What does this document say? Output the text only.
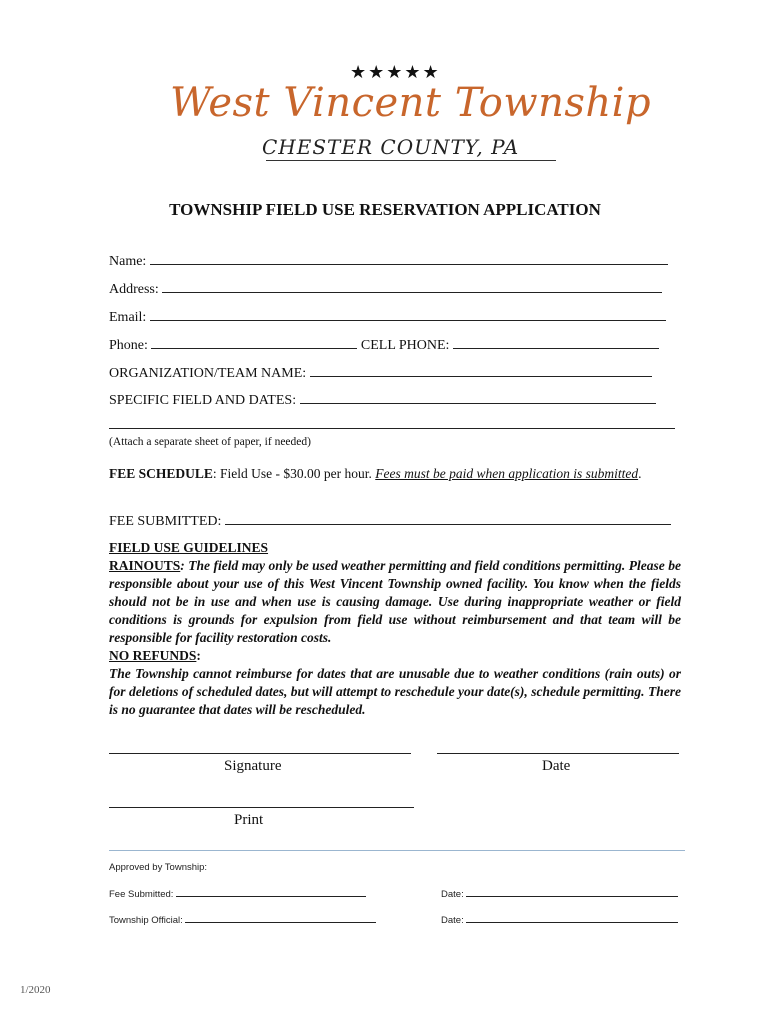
★★★★★
West Vincent Township
CHESTER COUNTY, PA
TOWNSHIP FIELD USE RESERVATION APPLICATION
Name:
Address:
Email:
Phone:	CELL PHONE:
ORGANIZATION/TEAM NAME:
SPECIFIC FIELD AND DATES:
(Attach a separate sheet of paper, if needed)
FEE SCHEDULE: Field Use - $30.00 per hour. Fees must be paid when application is submitted.
FEE SUBMITTED:
FIELD USE GUIDELINES
RAINOUTS: The field may only be used weather permitting and field conditions permitting. Please be responsible about your use of this West Vincent Township owned facility. You know when the fields should not be in use and when use is causing damage. Use during inappropriate weather or field conditions is grounds for expulsion from field use without reimbursement and that team will be responsible for facility restoration costs.
NO REFUNDS:
The Township cannot reimburse for dates that are unusable due to weather conditions (rain outs) or for deletions of scheduled dates, but will attempt to reschedule your date(s), schedule permitting. There is no guarantee that dates will be rescheduled.
Signature	Date
Print
Approved by Township:
Fee Submitted:	Date:
Township Official:	Date:
1/2020
